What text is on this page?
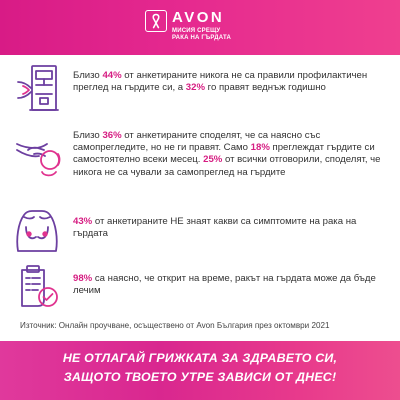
AVON
МИСИЯ СРЕЩУ
РАКА НА ГЪРДАТА
Близо 44% от анкетираните никога не са правили профилактичен преглед на гърдите си, а 32% го правят веднъж годишно
Близо 36% от анкетираните споделят, че са наясно със самопрегледите, но не ги правят. Само 18% преглеждат гърдите си самостоятелно всеки месец. 25% от всички отговорили, споделят, че никога не са чували за самопреглед на гърдите
43% от анкетираните НЕ знаят какви са симптомите на рака на гърдата
98% са наясно, че открит на време, ракът на гърдата може да бъде лечим
Източник: Онлайн проучване, осъществено от Avon България през октомври 2021
НЕ ОТЛАГАЙ ГРИЖКАТА ЗА ЗДРАВЕТО СИ,
ЗАЩОТО ТВОЕТО УТРЕ ЗАВИСИ ОТ ДНЕС!
